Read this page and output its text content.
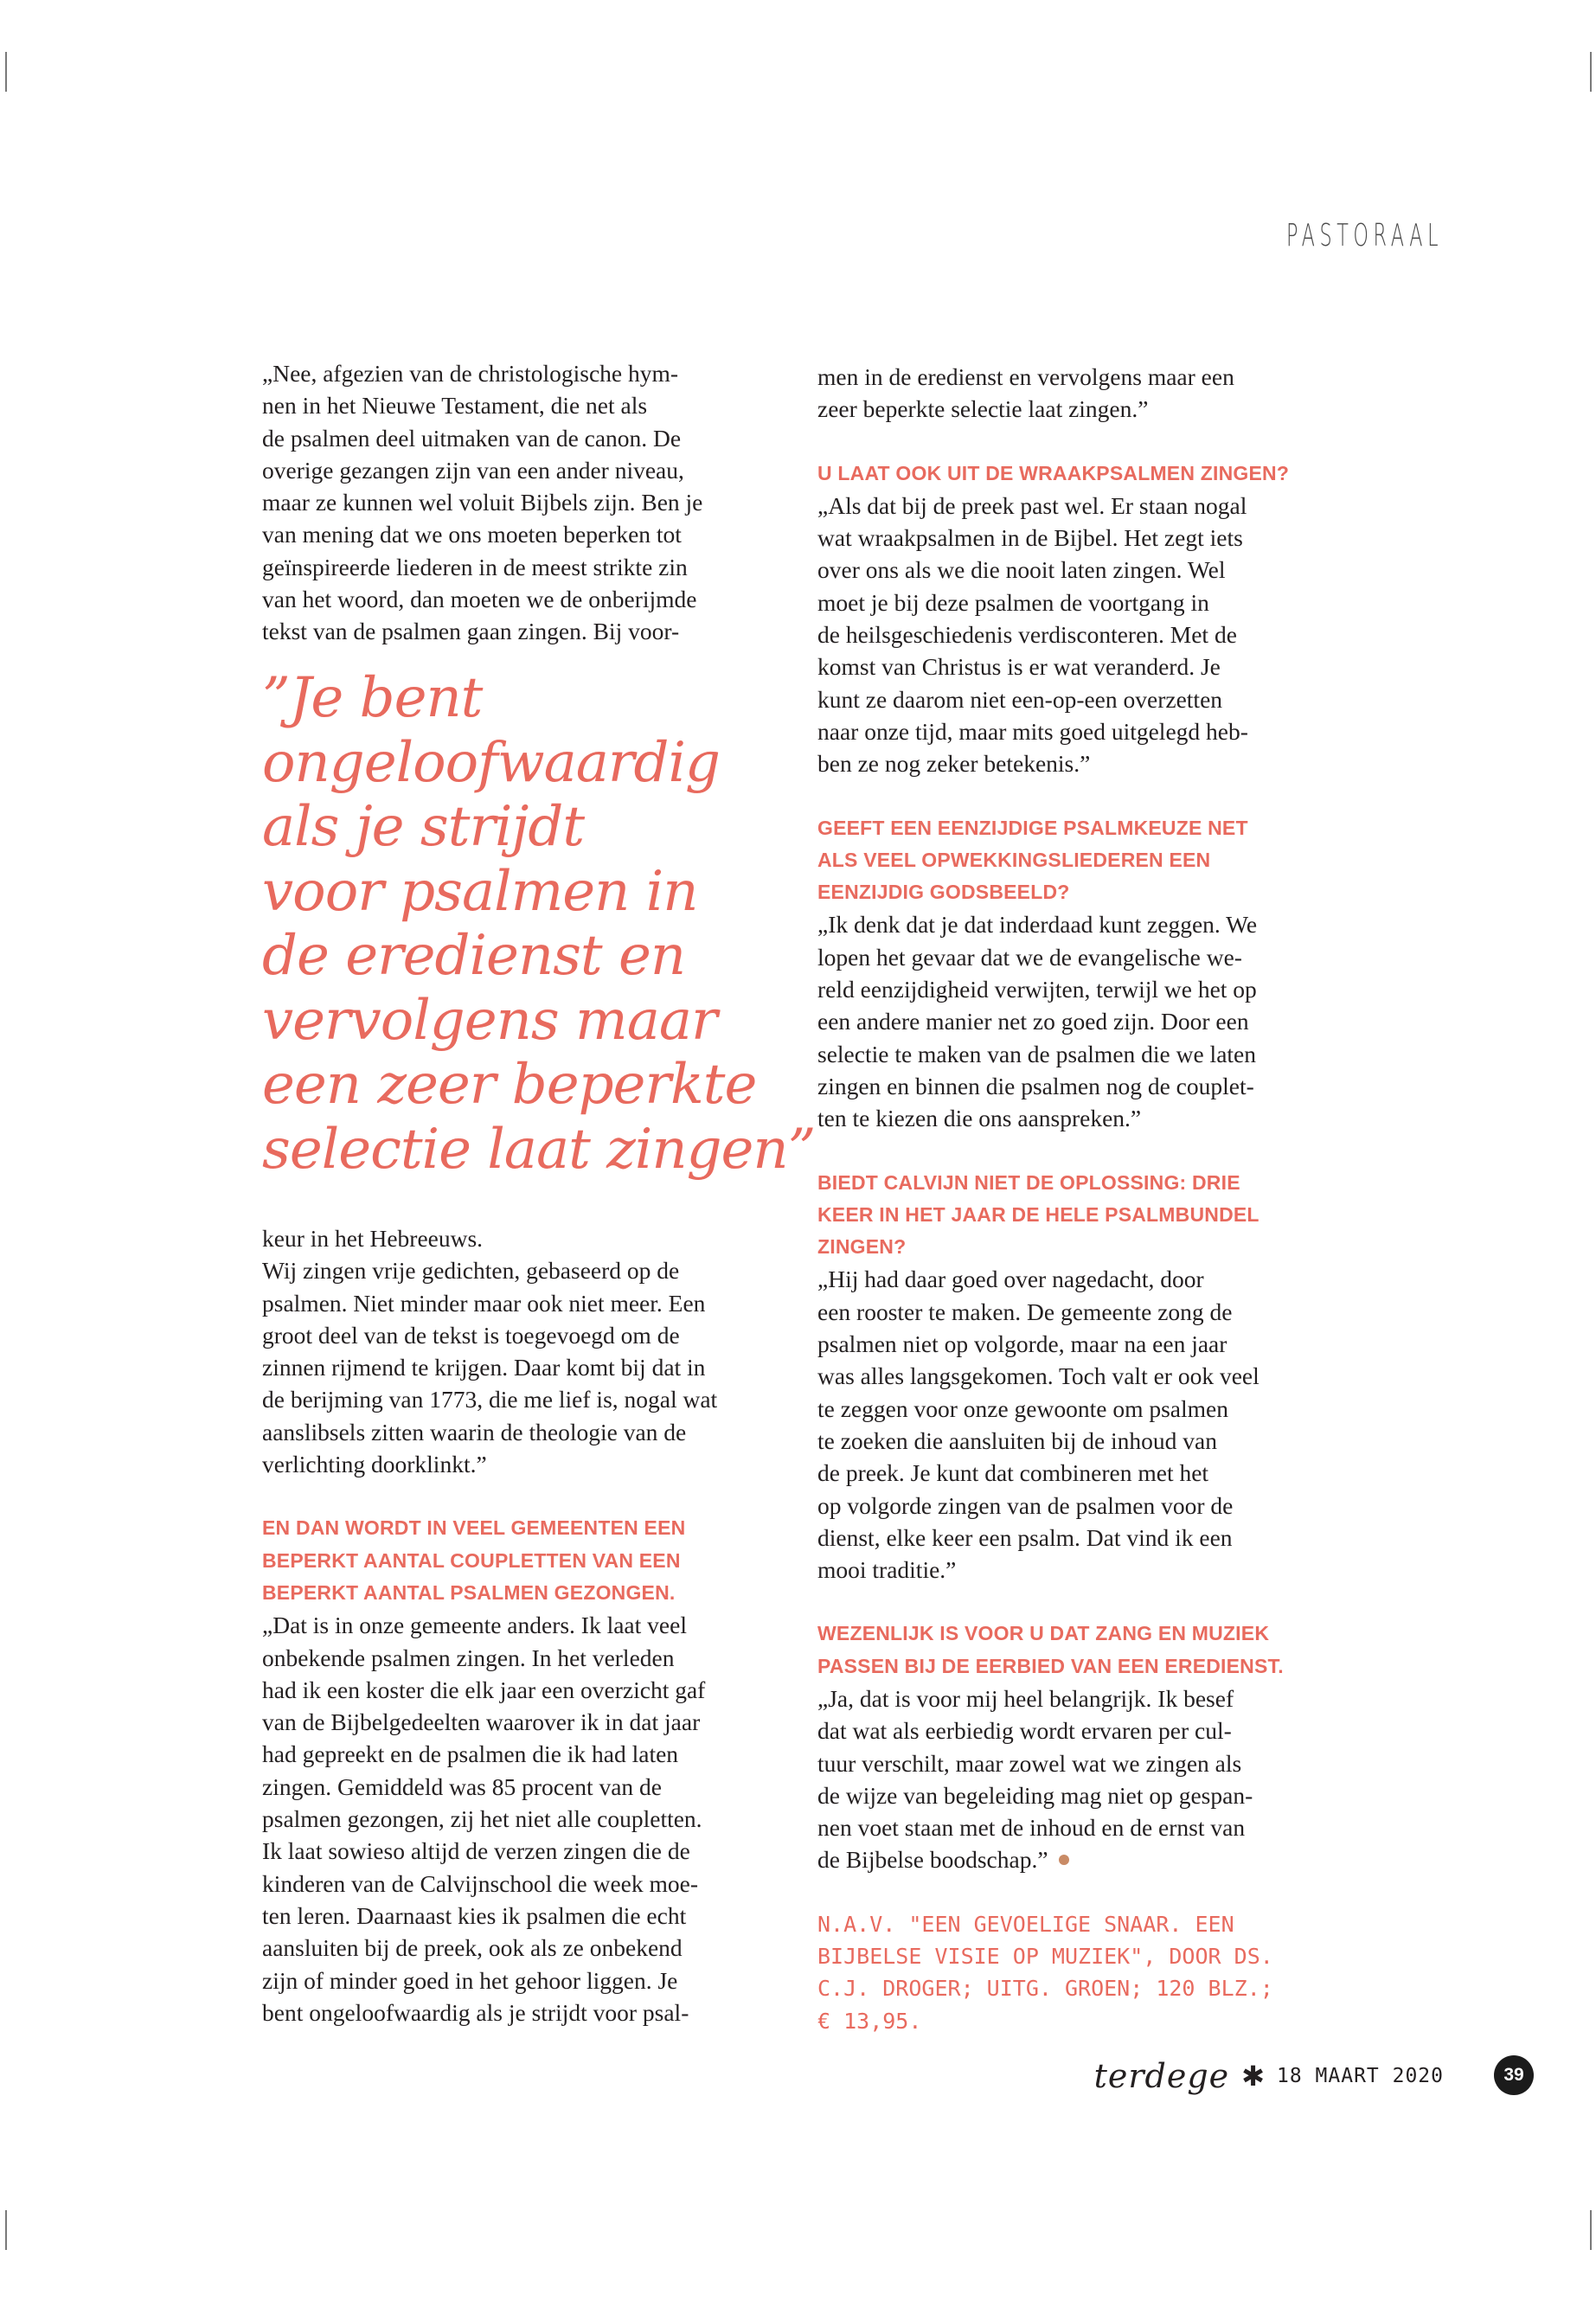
PASTORAAL

„Nee, afgezien van de christologische hym-

nen in het Nieuwe Testament, die net als

de psalmen deel uitmaken van de canon. De

overige gezangen zijn van een ander niveau,

maar ze kunnen wel voluit Bijbels zijn. Ben je

van mening dat we ons moeten beperken tot

geïnspireerde liederen in de meest strikte zin

van het woord, dan moeten we de onberijmde

tekst van de psalmen gaan zingen. Bij voor-

”Je bent
ongeloofwaardig
als je strijdt
voor psalmen in
de eredienst en
vervolgens maar
een zeer beperkte
selectie laat zingen”

keur in het Hebreeuws.

Wij zingen vrije gedichten, gebaseerd op de

psalmen. Niet minder maar ook niet meer. Een

groot deel van de tekst is toegevoegd om de

zinnen rijmend te krijgen. Daar komt bij dat in

de berijming van 1773, die me lief is, nogal wat

aanslibsels zitten waarin de theologie van de

verlichting doorklinkt.”

EN DAN WORDT IN VEEL GEMEENTEN EEN

BEPERKT AANTAL COUPLETTEN VAN EEN

BEPERKT AANTAL PSALMEN GEZONGEN.

„Dat is in onze gemeente anders. Ik laat veel

onbekende psalmen zingen. In het verleden

had ik een koster die elk jaar een overzicht gaf

van de Bijbelgedeelten waarover ik in dat jaar

had gepreekt en de psalmen die ik had laten

zingen. Gemiddeld was 85 procent van de

psalmen gezongen, zij het niet alle coupletten.

Ik laat sowieso altijd de verzen zingen die de

kinderen van de Calvijnschool die week moe-

ten leren. Daarnaast kies ik psalmen die echt

aansluiten bij de preek, ook als ze onbekend

zijn of minder goed in het gehoor liggen. Je

bent ongeloofwaardig als je strijdt voor psal-

men in de eredienst en vervolgens maar een

zeer beperkte selectie laat zingen.”

U LAAT OOK UIT DE WRAAKPSALMEN ZINGEN?

„Als dat bij de preek past wel. Er staan nogal

wat wraakpsalmen in de Bijbel. Het zegt iets

over ons als we die nooit laten zingen. Wel

moet je bij deze psalmen de voortgang in

de heilsgeschiedenis verdisconteren. Met de

komst van Christus is er wat veranderd. Je

kunt ze daarom niet een-op-een overzetten

naar onze tijd, maar mits goed uitgelegd heb-

ben ze nog zeker betekenis.”

GEEFT EEN EENZIJDIGE PSALMKEUZE NET

ALS VEEL OPWEKKINGSLIEDEREN EEN

EENZIJDIG GODSBEELD?

„Ik denk dat je dat inderdaad kunt zeggen. We

lopen het gevaar dat we de evangelische we-

reld eenzijdigheid verwijten, terwijl we het op

een andere manier net zo goed zijn. Door een

selectie te maken van de psalmen die we laten

zingen en binnen die psalmen nog de couplet-

ten te kiezen die ons aanspreken.”

BIEDT CALVIJN NIET DE OPLOSSING: DRIE

KEER IN HET JAAR DE HELE PSALMBUNDEL

ZINGEN?

„Hij had daar goed over nagedacht, door

een rooster te maken. De gemeente zong de

psalmen niet op volgorde, maar na een jaar

was alles langsgekomen. Toch valt er ook veel

te zeggen voor onze gewoonte om psalmen

te zoeken die aansluiten bij de inhoud van

de preek. Je kunt dat combineren met het

op volgorde zingen van de psalmen voor de

dienst, elke keer een psalm. Dat vind ik een

mooi traditie.”

WEZENLIJK IS VOOR U DAT ZANG EN MUZIEK

PASSEN BIJ DE EERBIED VAN EEN EREDIENST.

„Ja, dat is voor mij heel belangrijk. Ik besef

dat wat als eerbiedig wordt ervaren per cul-

tuur verschilt, maar zowel wat we zingen als

de wijze van begeleiding mag niet op gespan-

nen voet staan met de inhoud en de ernst van

de Bijbelse boodschap.”

N.A.V. "EEN GEVOELIGE SNAAR. EEN

BIJBELSE VISIE OP MUZIEK", DOOR DS.

C.J. DROGER; UITG. GROEN; 120 BLZ.;

€ 13,95.

terdege ✱ 18 MAART 2020	39
